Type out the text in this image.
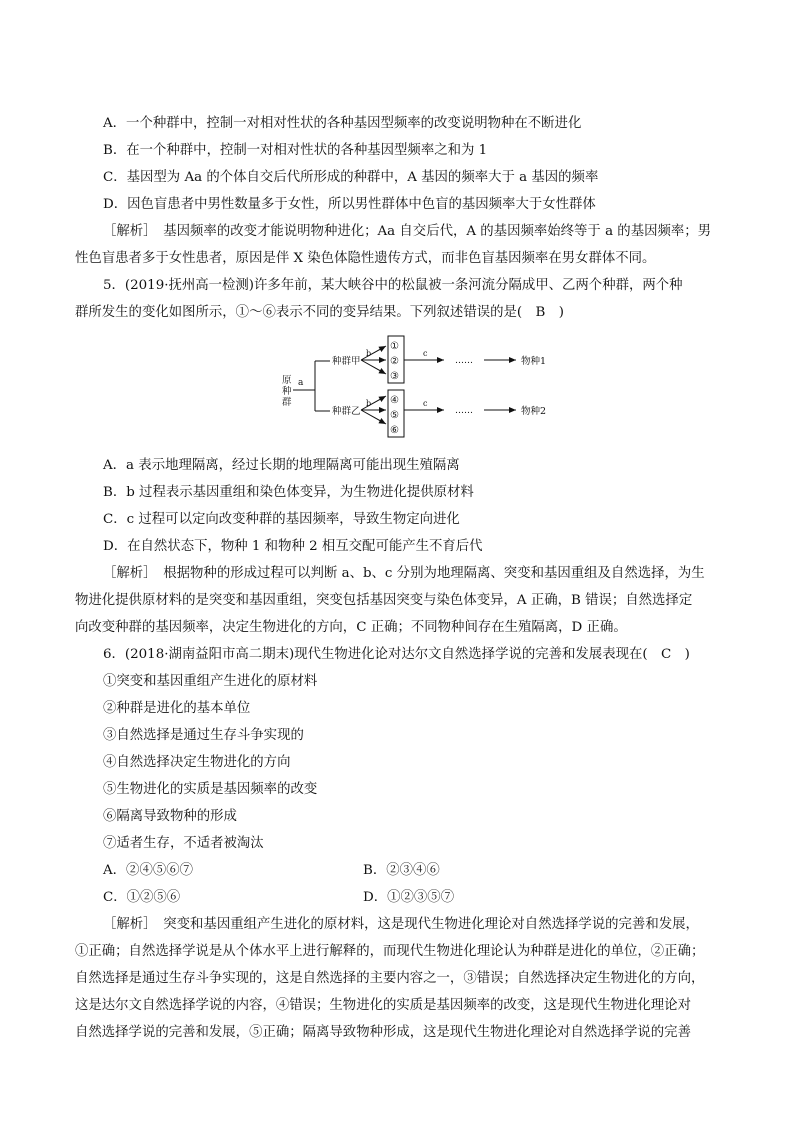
A．一个种群中，控制一对相对性状的各种基因型频率的改变说明物种在不断进化
B．在一个种群中，控制一对相对性状的各种基因型频率之和为 1
C．基因型为 Aa 的个体自交后代所形成的种群中，A 基因的频率大于 a 基因的频率
D．因色盲患者中男性数量多于女性，所以男性群体中色盲的基因频率大于女性群体
［解析］　基因频率的改变才能说明物种进化；Aa 自交后代，A 的基因频率始终等于 a 的基因频率；男
性色盲患者多于女性患者，原因是伴 X 染色体隐性遗传方式，而非色盲基因频率在男女群体不同。
5．(2019·抚州高一检测)许多年前，某大峡谷中的松鼠被一条河流分隔成甲、乙两个种群，两个种
群所发生的变化如图所示，①～⑥表示不同的变异结果。下列叙述错误的是(　B　)
原
种
群
a
种群甲
种群乙
b
b
①
②
③
④
⑤
⑥
c
c
……
……
物种1
物种2
A．a 表示地理隔离，经过长期的地理隔离可能出现生殖隔离
B．b 过程表示基因重组和染色体变异，为生物进化提供原材料
C．c 过程可以定向改变种群的基因频率，导致生物定向进化
D．在自然状态下，物种 1 和物种 2 相互交配可能产生不育后代
［解析］　根据物种的形成过程可以判断 a、b、c 分别为地理隔离、突变和基因重组及自然选择，为生
物进化提供原材料的是突变和基因重组，突变包括基因突变与染色体变异，A 正确，B 错误；自然选择定
向改变种群的基因频率，决定生物进化的方向，C 正确；不同物种间存在生殖隔离，D 正确。
6．(2018·湖南益阳市高二期末)现代生物进化论对达尔文自然选择学说的完善和发展表现在(　C　)
①突变和基因重组产生进化的原材料
②种群是进化的基本单位
③自然选择是通过生存斗争实现的
④自然选择决定生物进化的方向
⑤生物进化的实质是基因频率的改变
⑥隔离导致物种的形成
⑦适者生存，不适者被淘汰
A．②④⑤⑥⑦	B．②③④⑥
C．①②⑤⑥	D．①②③⑤⑦
［解析］　突变和基因重组产生进化的原材料，这是现代生物进化理论对自然选择学说的完善和发展，
①正确；自然选择学说是从个体水平上进行解释的，而现代生物进化理论认为种群是进化的单位，②正确；
自然选择是通过生存斗争实现的，这是自然选择的主要内容之一，③错误；自然选择决定生物进化的方向，
这是达尔文自然选择学说的内容，④错误；生物进化的实质是基因频率的改变，这是现代生物进化理论对
自然选择学说的完善和发展，⑤正确；隔离导致物种形成，这是现代生物进化理论对自然选择学说的完善
